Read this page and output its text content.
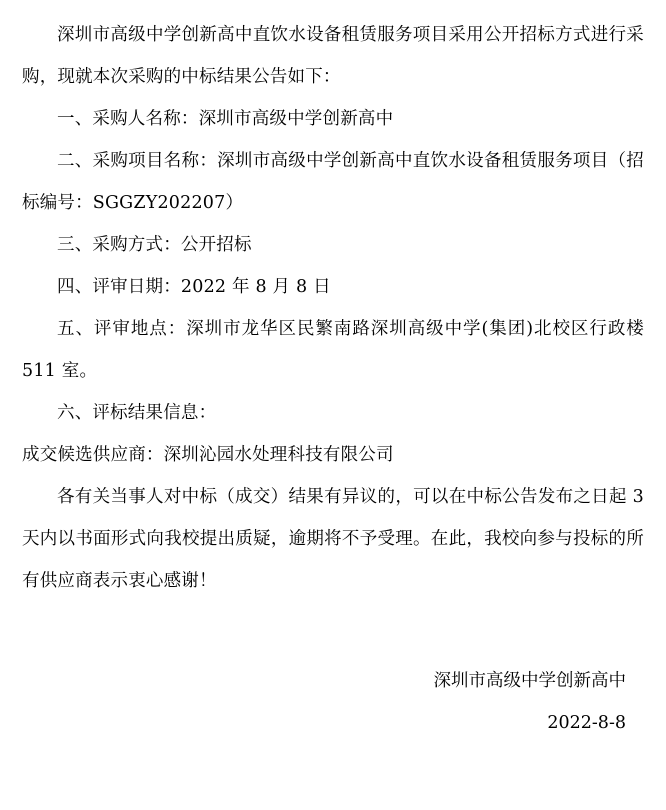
深圳市高级中学创新高中直饮水设备租赁服务项目采用公开招标方式进行采购，现就本次采购的中标结果公告如下：

一、采购人名称：深圳市高级中学创新高中

二、采购项目名称：深圳市高级中学创新高中直饮水设备租赁服务项目（招标编号：SGGZY202207）

三、采购方式：公开招标

四、评审日期：2022 年 8 月 8 日

五、评审地点：深圳市龙华区民繁南路深圳高级中学(集团)北校区行政楼 511 室。

六、评标结果信息：

成交候选供应商：深圳沁园水处理科技有限公司

各有关当事人对中标（成交）结果有异议的，可以在中标公告发布之日起 3 天内以书面形式向我校提出质疑，逾期将不予受理。在此，我校向参与投标的所有供应商表示衷心感谢！

深圳市高级中学创新高中
2022-8-8
